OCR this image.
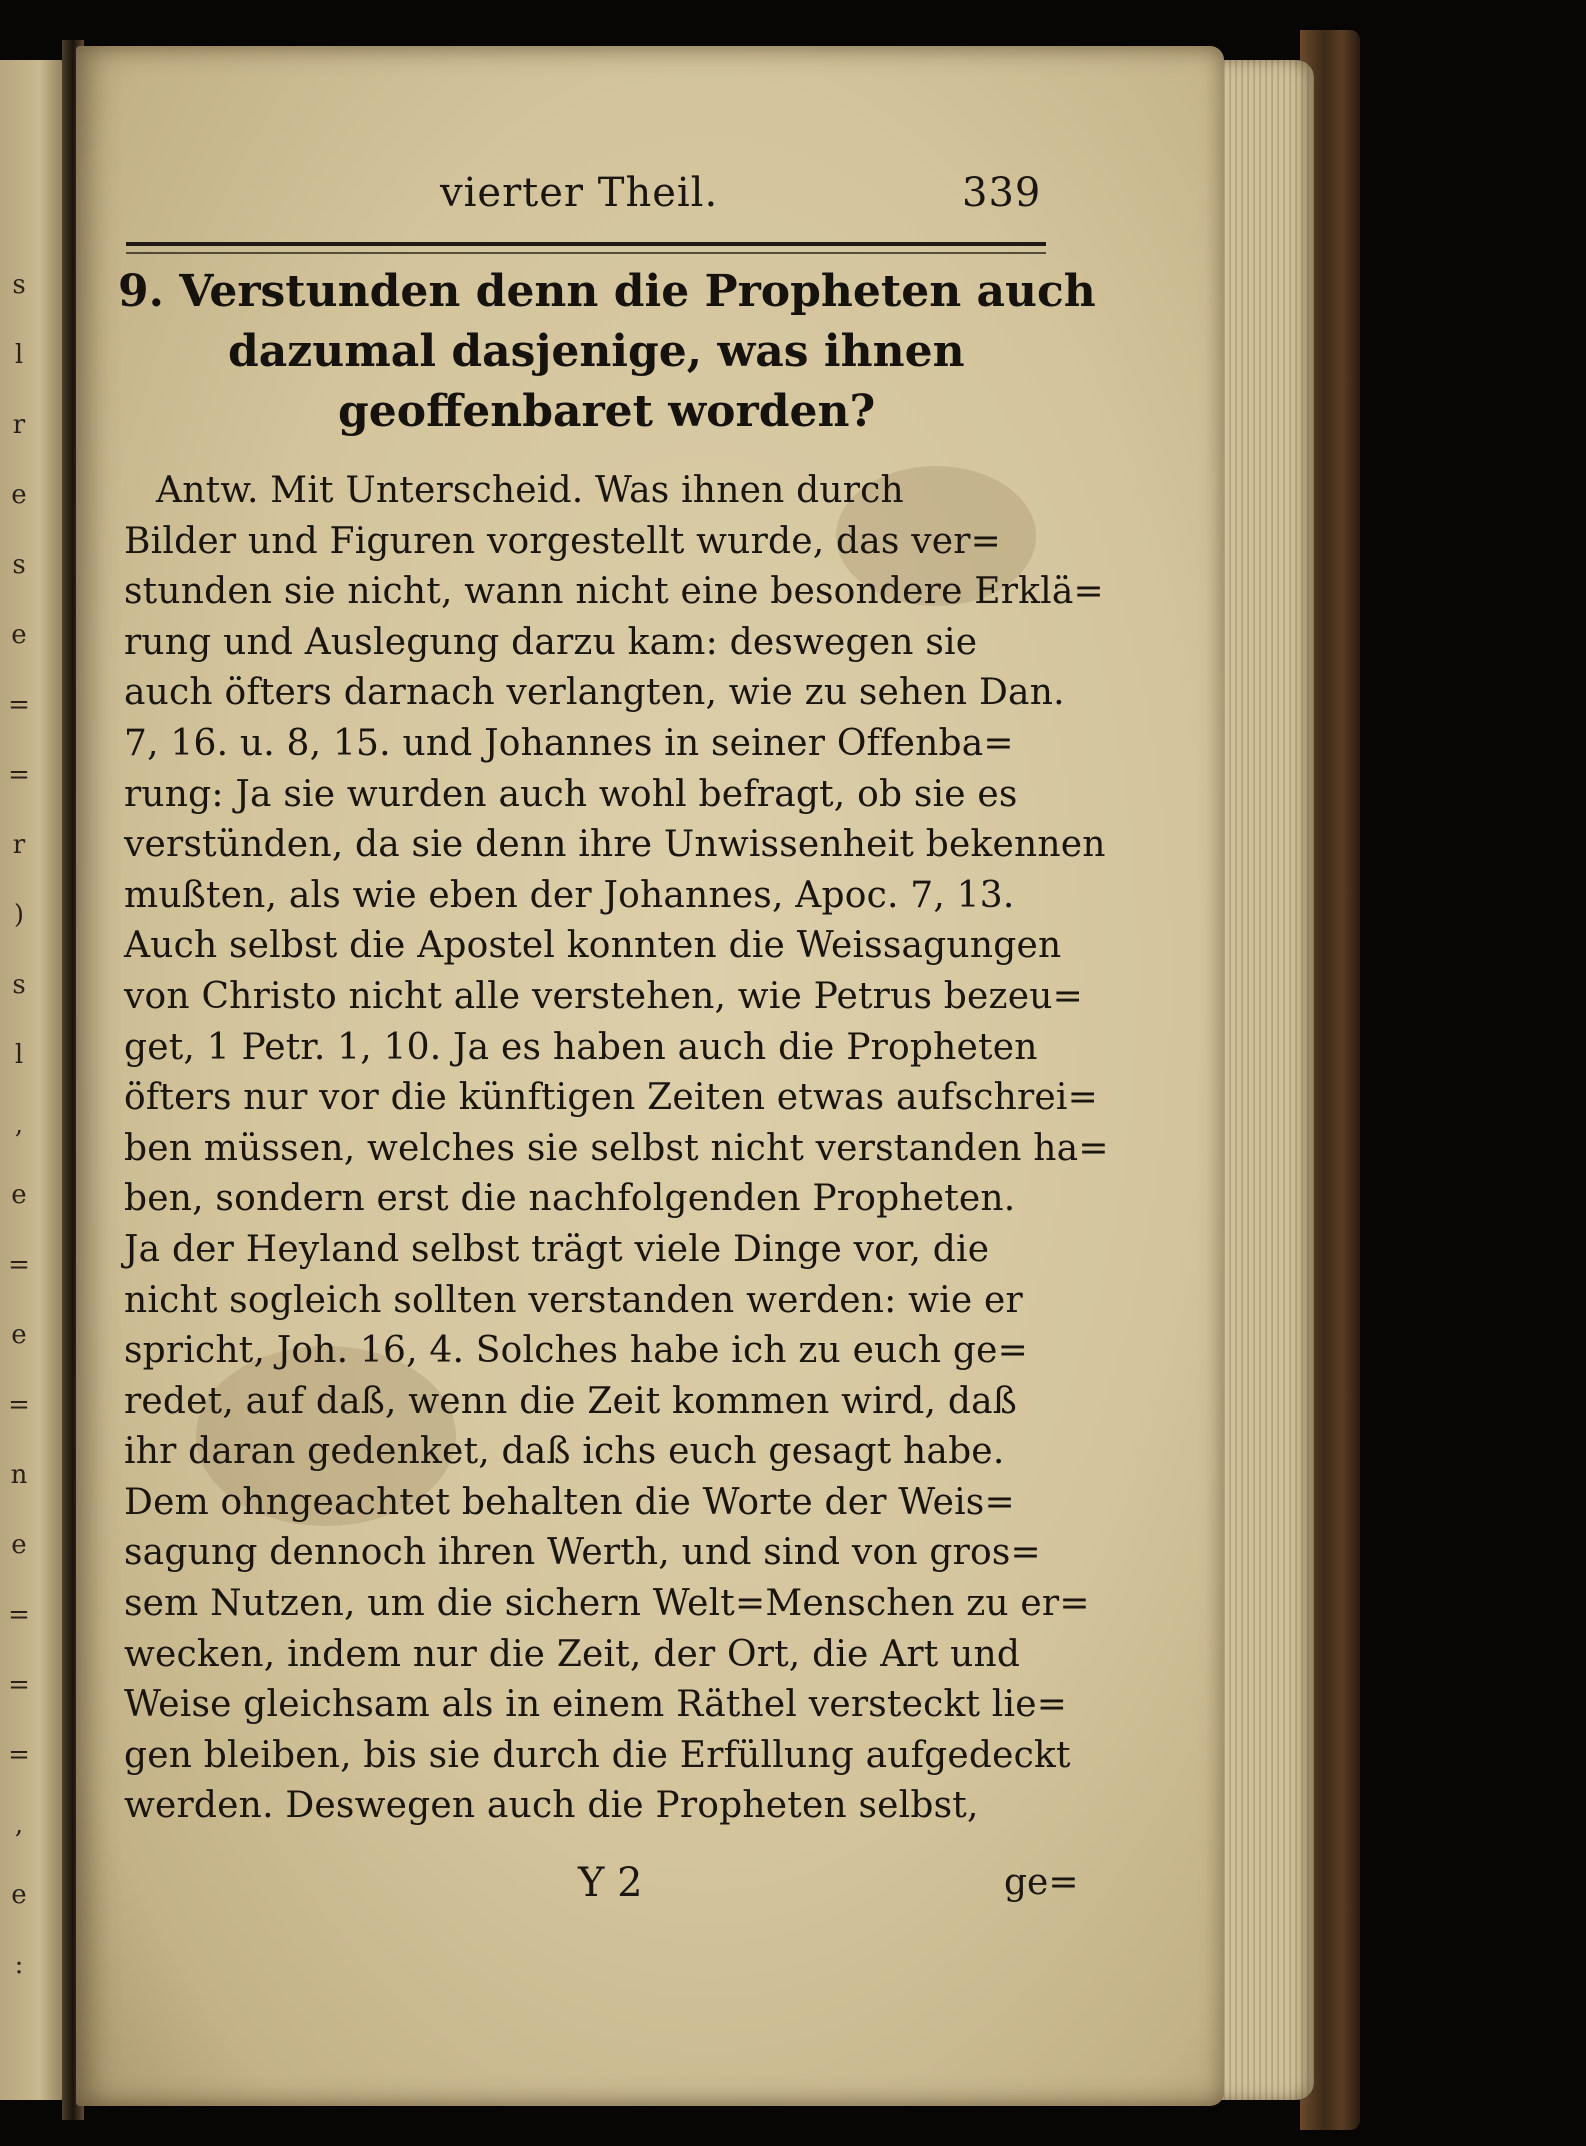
s
l
r
e
s
e
=
=
r
)
s
l
,
e
=
e
=
n
e
=
=
=
,
e
:
vierter Theil.	339
9. Verstunden denn die Propheten auch
dazumal dasjenige, was ihnen
geoffenbaret worden?
Antw. Mit Unterscheid. Was ihnen durch
Bilder und Figuren vorgestellt wurde, das ver=
stunden sie nicht, wann nicht eine besondere Erklä=
rung und Auslegung darzu kam: deswegen sie
auch öfters darnach verlangten, wie zu sehen Dan.
7, 16. u. 8, 15. und Johannes in seiner Offenba=
rung: Ja sie wurden auch wohl befragt, ob sie es
verstünden, da sie denn ihre Unwissenheit bekennen
mußten, als wie eben der Johannes, Apoc. 7, 13.
Auch selbst die Apostel konnten die Weissagungen
von Christo nicht alle verstehen, wie Petrus bezeu=
get, 1 Petr. 1, 10. Ja es haben auch die Propheten
öfters nur vor die künftigen Zeiten etwas aufschrei=
ben müssen, welches sie selbst nicht verstanden ha=
ben, sondern erst die nachfolgenden Propheten.
Ja der Heyland selbst trägt viele Dinge vor, die
nicht sogleich sollten verstanden werden: wie er
spricht, Joh. 16, 4. Solches habe ich zu euch ge=
redet, auf daß, wenn die Zeit kommen wird, daß
ihr daran gedenket, daß ichs euch gesagt habe.
Dem ohngeachtet behalten die Worte der Weis=
sagung dennoch ihren Werth, und sind von gros=
sem Nutzen, um die sichern Welt=Menschen zu er=
wecken, indem nur die Zeit, der Ort, die Art und
Weise gleichsam als in einem Räthel versteckt lie=
gen bleiben, bis sie durch die Erfüllung aufgedeckt
werden. Deswegen auch die Propheten selbst,
Y 2	ge=
